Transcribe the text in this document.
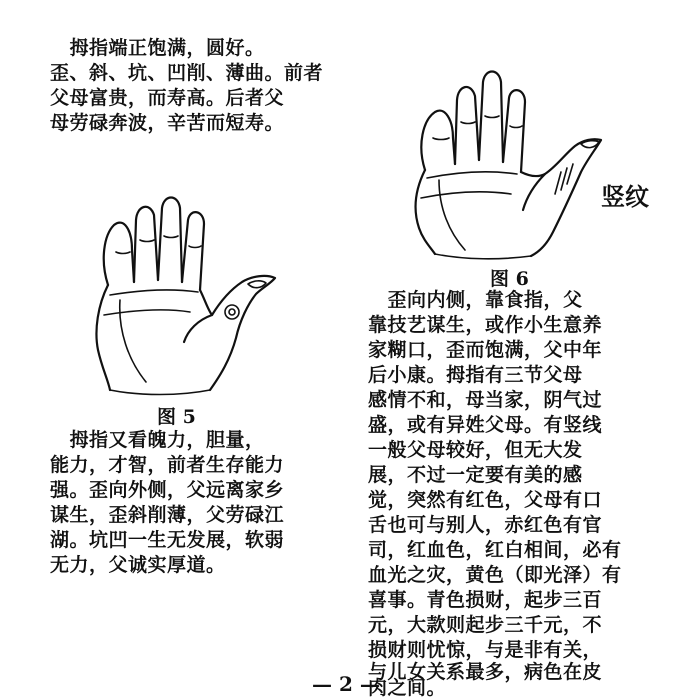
　拇指端正饱满，圆好。
歪、斜、坑、凹削、薄曲。前者
父母富贵，而寿高。后者父
母劳碌奔波，辛苦而短寿。
图 5
　拇指又看魄力，胆量，
能力，才智，前者生存能力
强。歪向外侧，父远离家乡
谋生，歪斜削薄，父劳碌江
湖。坑凹一生无发展，软弱
无力，父诚实厚道。
竖纹
图 6
　歪向内侧，靠食指，父
靠技艺谋生，或作小生意养
家糊口，歪而饱满，父中年
后小康。拇指有三节父母
感情不和，母当家，阴气过
盛，或有异姓父母。有竖线
一般父母较好，但无大发
展，不过一定要有美的感
觉，突然有红色，父母有口
舌也可与别人，赤红色有官
司，红血色，红白相间，必有
血光之灾，黄色（即光泽）有
喜事。青色损财，起步三百
元，大款则起步三千元，不
损财则忧惊，与是非有关，
与儿女关系最多，病色在皮
肉之间。
— 2 —
